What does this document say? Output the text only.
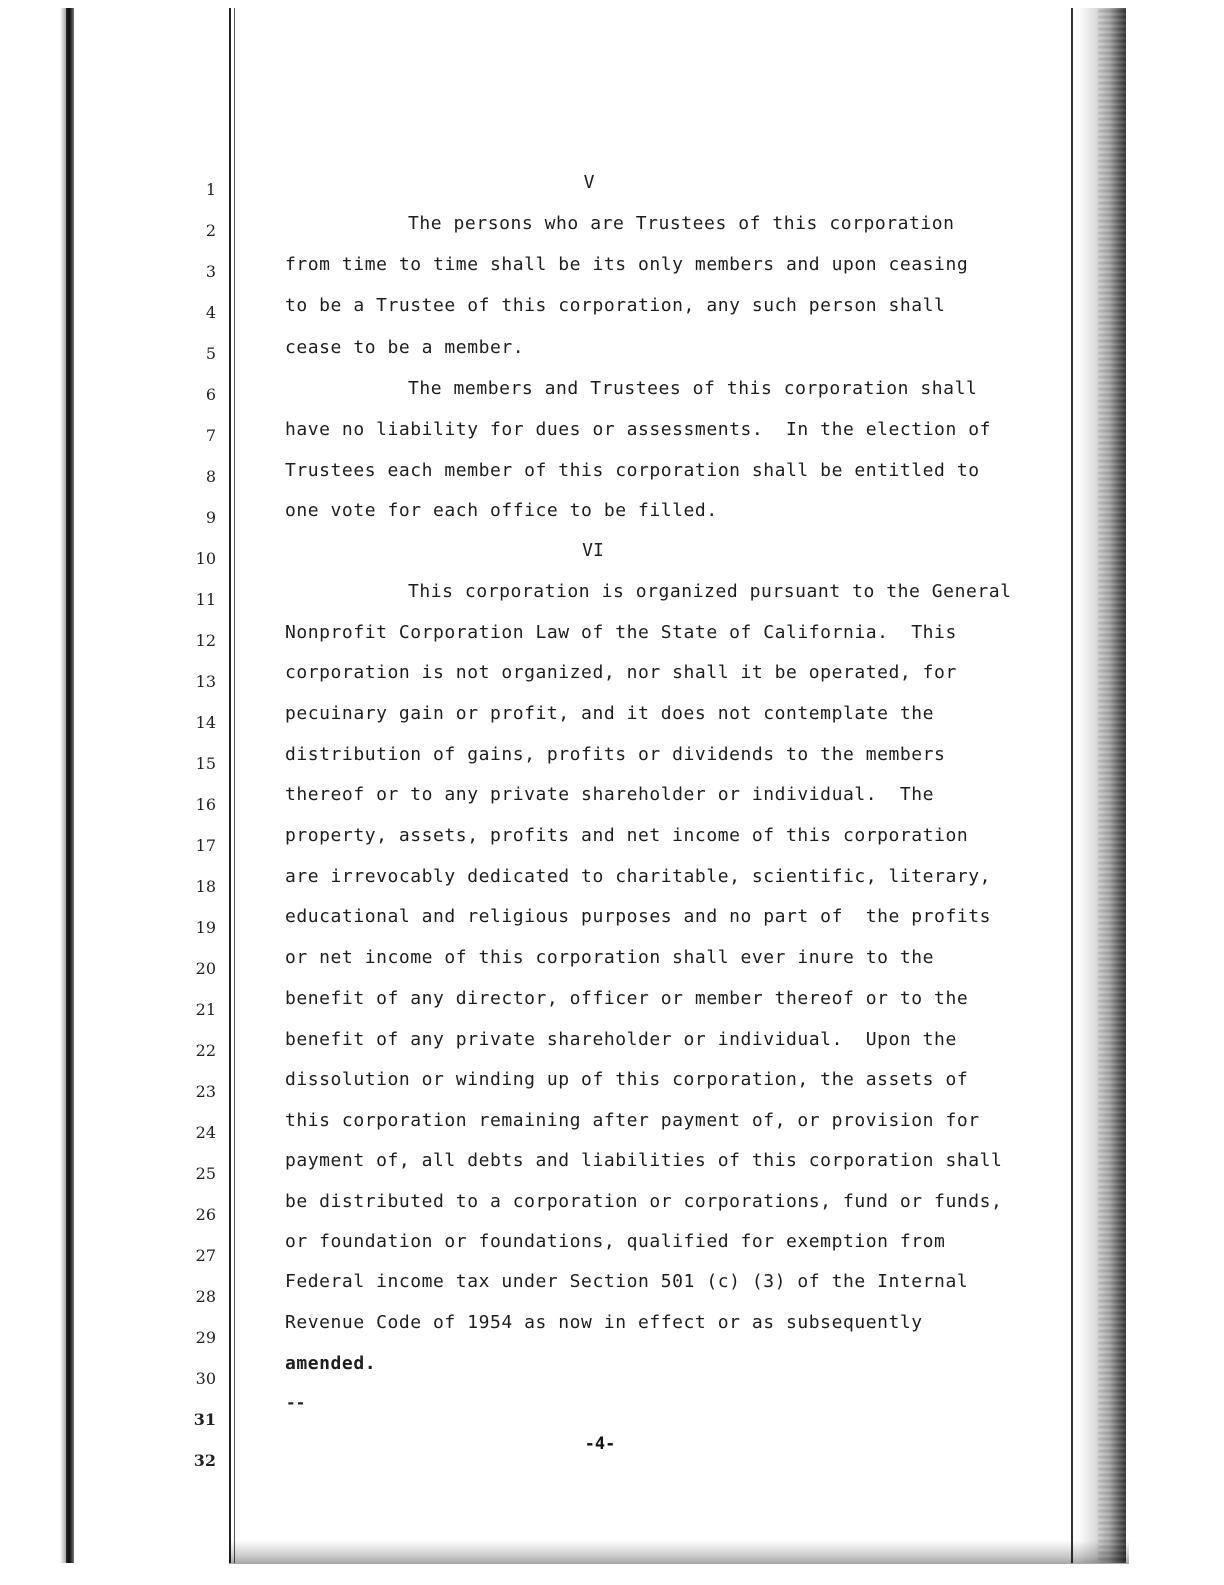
1
2
3
4
5
6
7
8
9
10
11
12
13
14
15
16
17
18
19
20
21
22
23
24
25
26
27
28
29
30
31
32
V
The persons who are Trustees of this corporation
from time to time shall be its only members and upon ceasing
to be a Trustee of this corporation, any such person shall
cease to be a member.
The members and Trustees of this corporation shall
have no liability for dues or assessments.  In the election of
Trustees each member of this corporation shall be entitled to
one vote for each office to be filled.
VI
This corporation is organized pursuant to the General
Nonprofit Corporation Law of the State of California.  This
corporation is not organized, nor shall it be operated, for
pecuinary gain or profit, and it does not contemplate the
distribution of gains, profits or dividends to the members
thereof or to any private shareholder or individual.  The
property, assets, profits and net income of this corporation
are irrevocably dedicated to charitable, scientific, literary,
educational and religious purposes and no part of  the profits
or net income of this corporation shall ever inure to the
benefit of any director, officer or member thereof or to the
benefit of any private shareholder or individual.  Upon the
dissolution or winding up of this corporation, the assets of
this corporation remaining after payment of, or provision for
payment of, all debts and liabilities of this corporation shall
be distributed to a corporation or corporations, fund or funds,
or foundation or foundations, qualified for exemption from
Federal income tax under Section 501 (c) (3) of the Internal
Revenue Code of 1954 as now in effect or as subsequently
amended.
--
-4-
